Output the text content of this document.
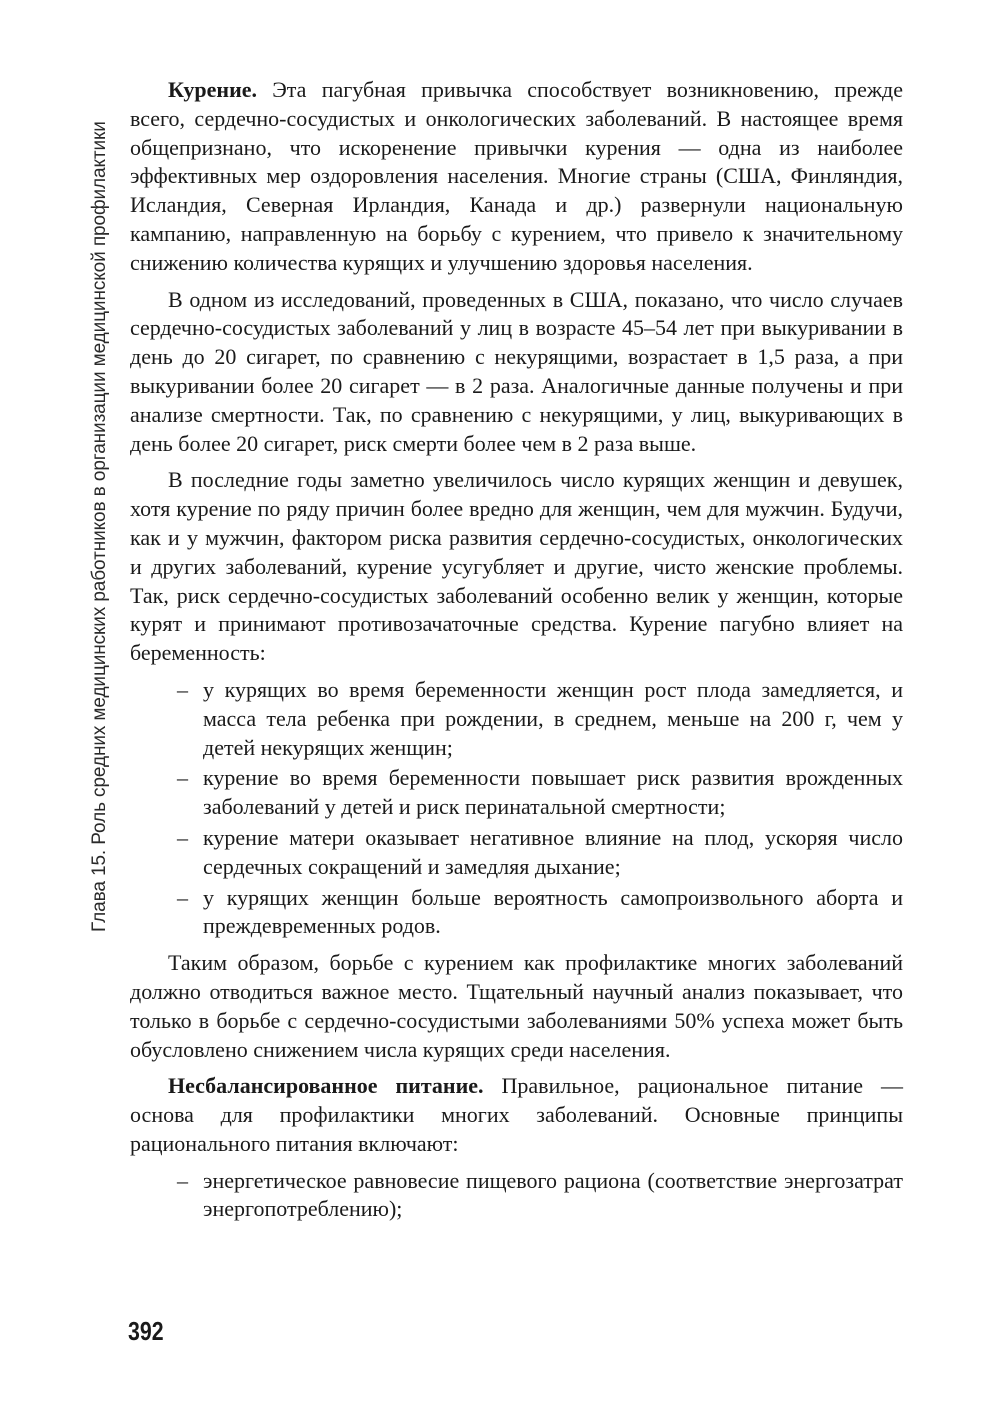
Глава 15. Роль средних медицинских работников в организации медицинской профилактики

Курение. Эта пагубная привычка способствует возникновению, прежде всего, сердечно-сосудистых и онкологических заболеваний. В настоящее время общепризнано, что искоренение привычки курения — одна из наиболее эффективных мер оздоровления населения. Многие страны (США, Финляндия, Исландия, Северная Ирландия, Канада и др.) развернули национальную кампанию, направленную на борьбу с курением, что привело к значительному снижению количества курящих и улучшению здоровья населения.

В одном из исследований, проведенных в США, показано, что число случаев сердечно-сосудистых заболеваний у лиц в возрасте 45–54 лет при выкуривании в день до 20 сигарет, по сравнению с некурящими, возрастает в 1,5 раза, а при выкуривании более 20 сигарет — в 2 раза. Аналогичные данные получены и при анализе смертности. Так, по сравнению с некурящими, у лиц, выкуривающих в день более 20 сигарет, риск смерти более чем в 2 раза выше.

В последние годы заметно увеличилось число курящих женщин и девушек, хотя курение по ряду причин более вредно для женщин, чем для мужчин. Будучи, как и у мужчин, фактором риска развития сердечно-сосудистых, онкологических и других заболеваний, курение усугубляет и другие, чисто женские проблемы. Так, риск сердечно-сосудистых заболеваний особенно велик у женщин, которые курят и принимают противозачаточные средства. Курение пагубно влияет на беременность:

– у курящих во время беременности женщин рост плода замедляется, и масса тела ребенка при рождении, в среднем, меньше на 200 г, чем у детей некурящих женщин;
– курение во время беременности повышает риск развития врожденных заболеваний у детей и риск перинатальной смертности;
– курение матери оказывает негативное влияние на плод, ускоряя число сердечных сокращений и замедляя дыхание;
– у курящих женщин больше вероятность самопроизвольного аборта и преждевременных родов.

Таким образом, борьбе с курением как профилактике многих заболеваний должно отводиться важное место. Тщательный научный анализ показывает, что только в борьбе с сердечно-сосудистыми заболеваниями 50% успеха может быть обусловлено снижением числа курящих среди населения.

Несбалансированное питание. Правильное, рациональное питание — основа для профилактики многих заболеваний. Основные принципы рационального питания включают:

– энергетическое равновесие пищевого рациона (соответствие энергозатрат энергопотреблению);
392
